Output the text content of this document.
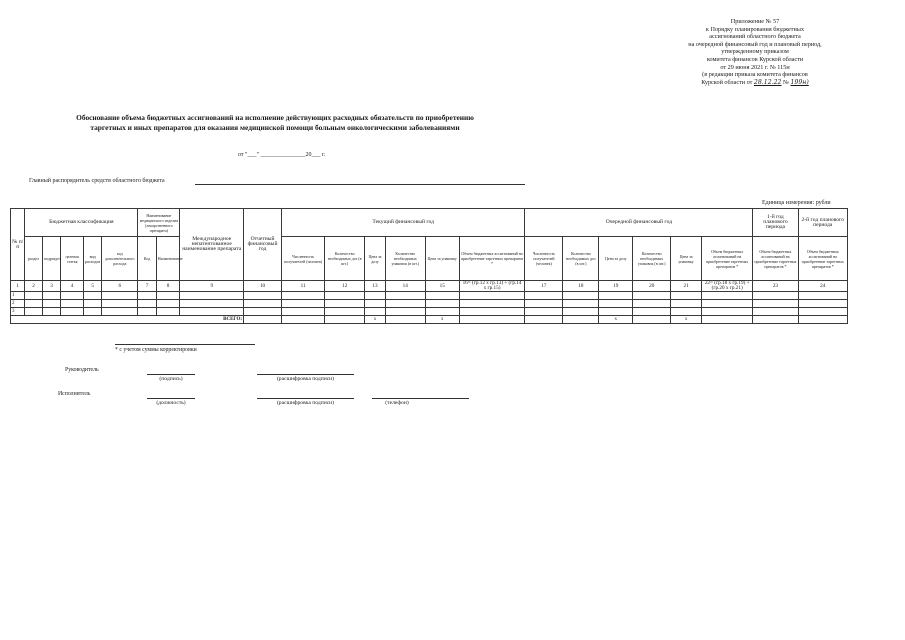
Приложение № 57
к Порядку планирования бюджетных
ассигнований областного бюджета
на очередной финансовый год и плановый период,
утвержденному приказом
комитета финансов Курской области
от 29 июня 2021 г. № 115н
(в редакции приказа комитета финансов
Курской области от 28.12.22 № 199н)
Обоснование объема бюджетных ассигнований на исполнение действующих расходных обязательств по приобретению
таргетных и иных препаратов для оказания медицинской помощи больным онкологическими заболеваниями
от "___" _______________20___ г.
Главный распорядитель средств областного бюджета
Единица измерения: рубли
№ п/п	Бюджетная классификация					Наименование медицинского изделия (лекарственного препарата)		Международное непатентованное наименование препарата	Отчетный финансовый год	Текущий финансовый год						Очередной финансовый год						1-й год планового периода	2-й год планового периода
	раздел	подраздел	целевая статья	вид расходов	код дополнительного расхода	Код	Наименование			Численность получателей (человек)	Количество необходимых доз (в шт.)	Цена за дозу	Количество необходимых упаковок (в шт.)	Цена за упаковку	Объем бюджетных ассигнований на приобретение таргетных препаратов *	Численность получателей (человек)	Количество необходимых доз (в шт.)	Цена за дозу	Количество необходимых упаковок (в шт.)	Цена за упаковку	Объем бюджетных ассигнований на приобретение таргетных препаратов *	Объем бюджетных ассигнований на приобретение таргетных препаратов *	Объем бюджетных ассигнований на приобретение таргетных препаратов *
1	2	3	4	5	6	7	8	9	10	11	12	13	14	15	16= (гр.12 х гр.13) + (гр.14 х гр.15)	17	18	19	20	21	22= (гр.18 х гр.19) + (гр.20 х гр.21)	23	24
1																							
2																							
3																							
ВСЕГО:												x		x				x		x			
* с учетом суммы корректировки
Руководитель
(подпись)	(расшифровка подписи)
Исполнитель
(должность)	(расшифровка подписи)	(телефон)
